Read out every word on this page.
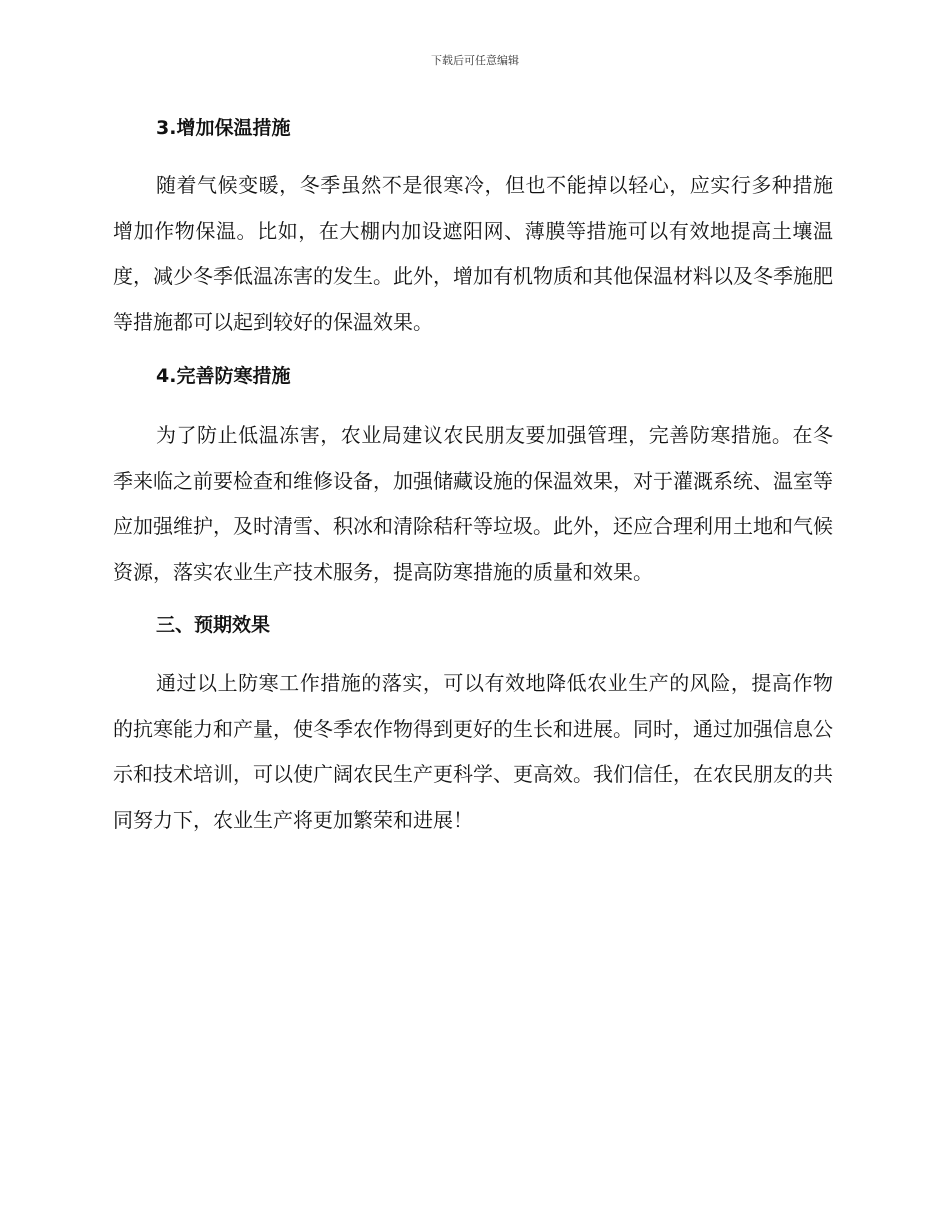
下载后可任意编辑
3.增加保温措施

随着气候变暖，冬季虽然不是很寒冷，但也不能掉以轻心，应实行多种措施增加作物保温。比如，在大棚内加设遮阳网、薄膜等措施可以有效地提高土壤温度，减少冬季低温冻害的发生。此外，增加有机物质和其他保温材料以及冬季施肥等措施都可以起到较好的保温效果。

4.完善防寒措施

为了防止低温冻害，农业局建议农民朋友要加强管理，完善防寒措施。在冬季来临之前要检查和维修设备，加强储藏设施的保温效果，对于灌溉系统、温室等应加强维护，及时清雪、积冰和清除秸秆等垃圾。此外，还应合理利用土地和气候资源，落实农业生产技术服务，提高防寒措施的质量和效果。

三、预期效果

通过以上防寒工作措施的落实，可以有效地降低农业生产的风险，提高作物的抗寒能力和产量，使冬季农作物得到更好的生长和进展。同时，通过加强信息公示和技术培训，可以使广阔农民生产更科学、更高效。我们信任，在农民朋友的共同努力下，农业生产将更加繁荣和进展！
